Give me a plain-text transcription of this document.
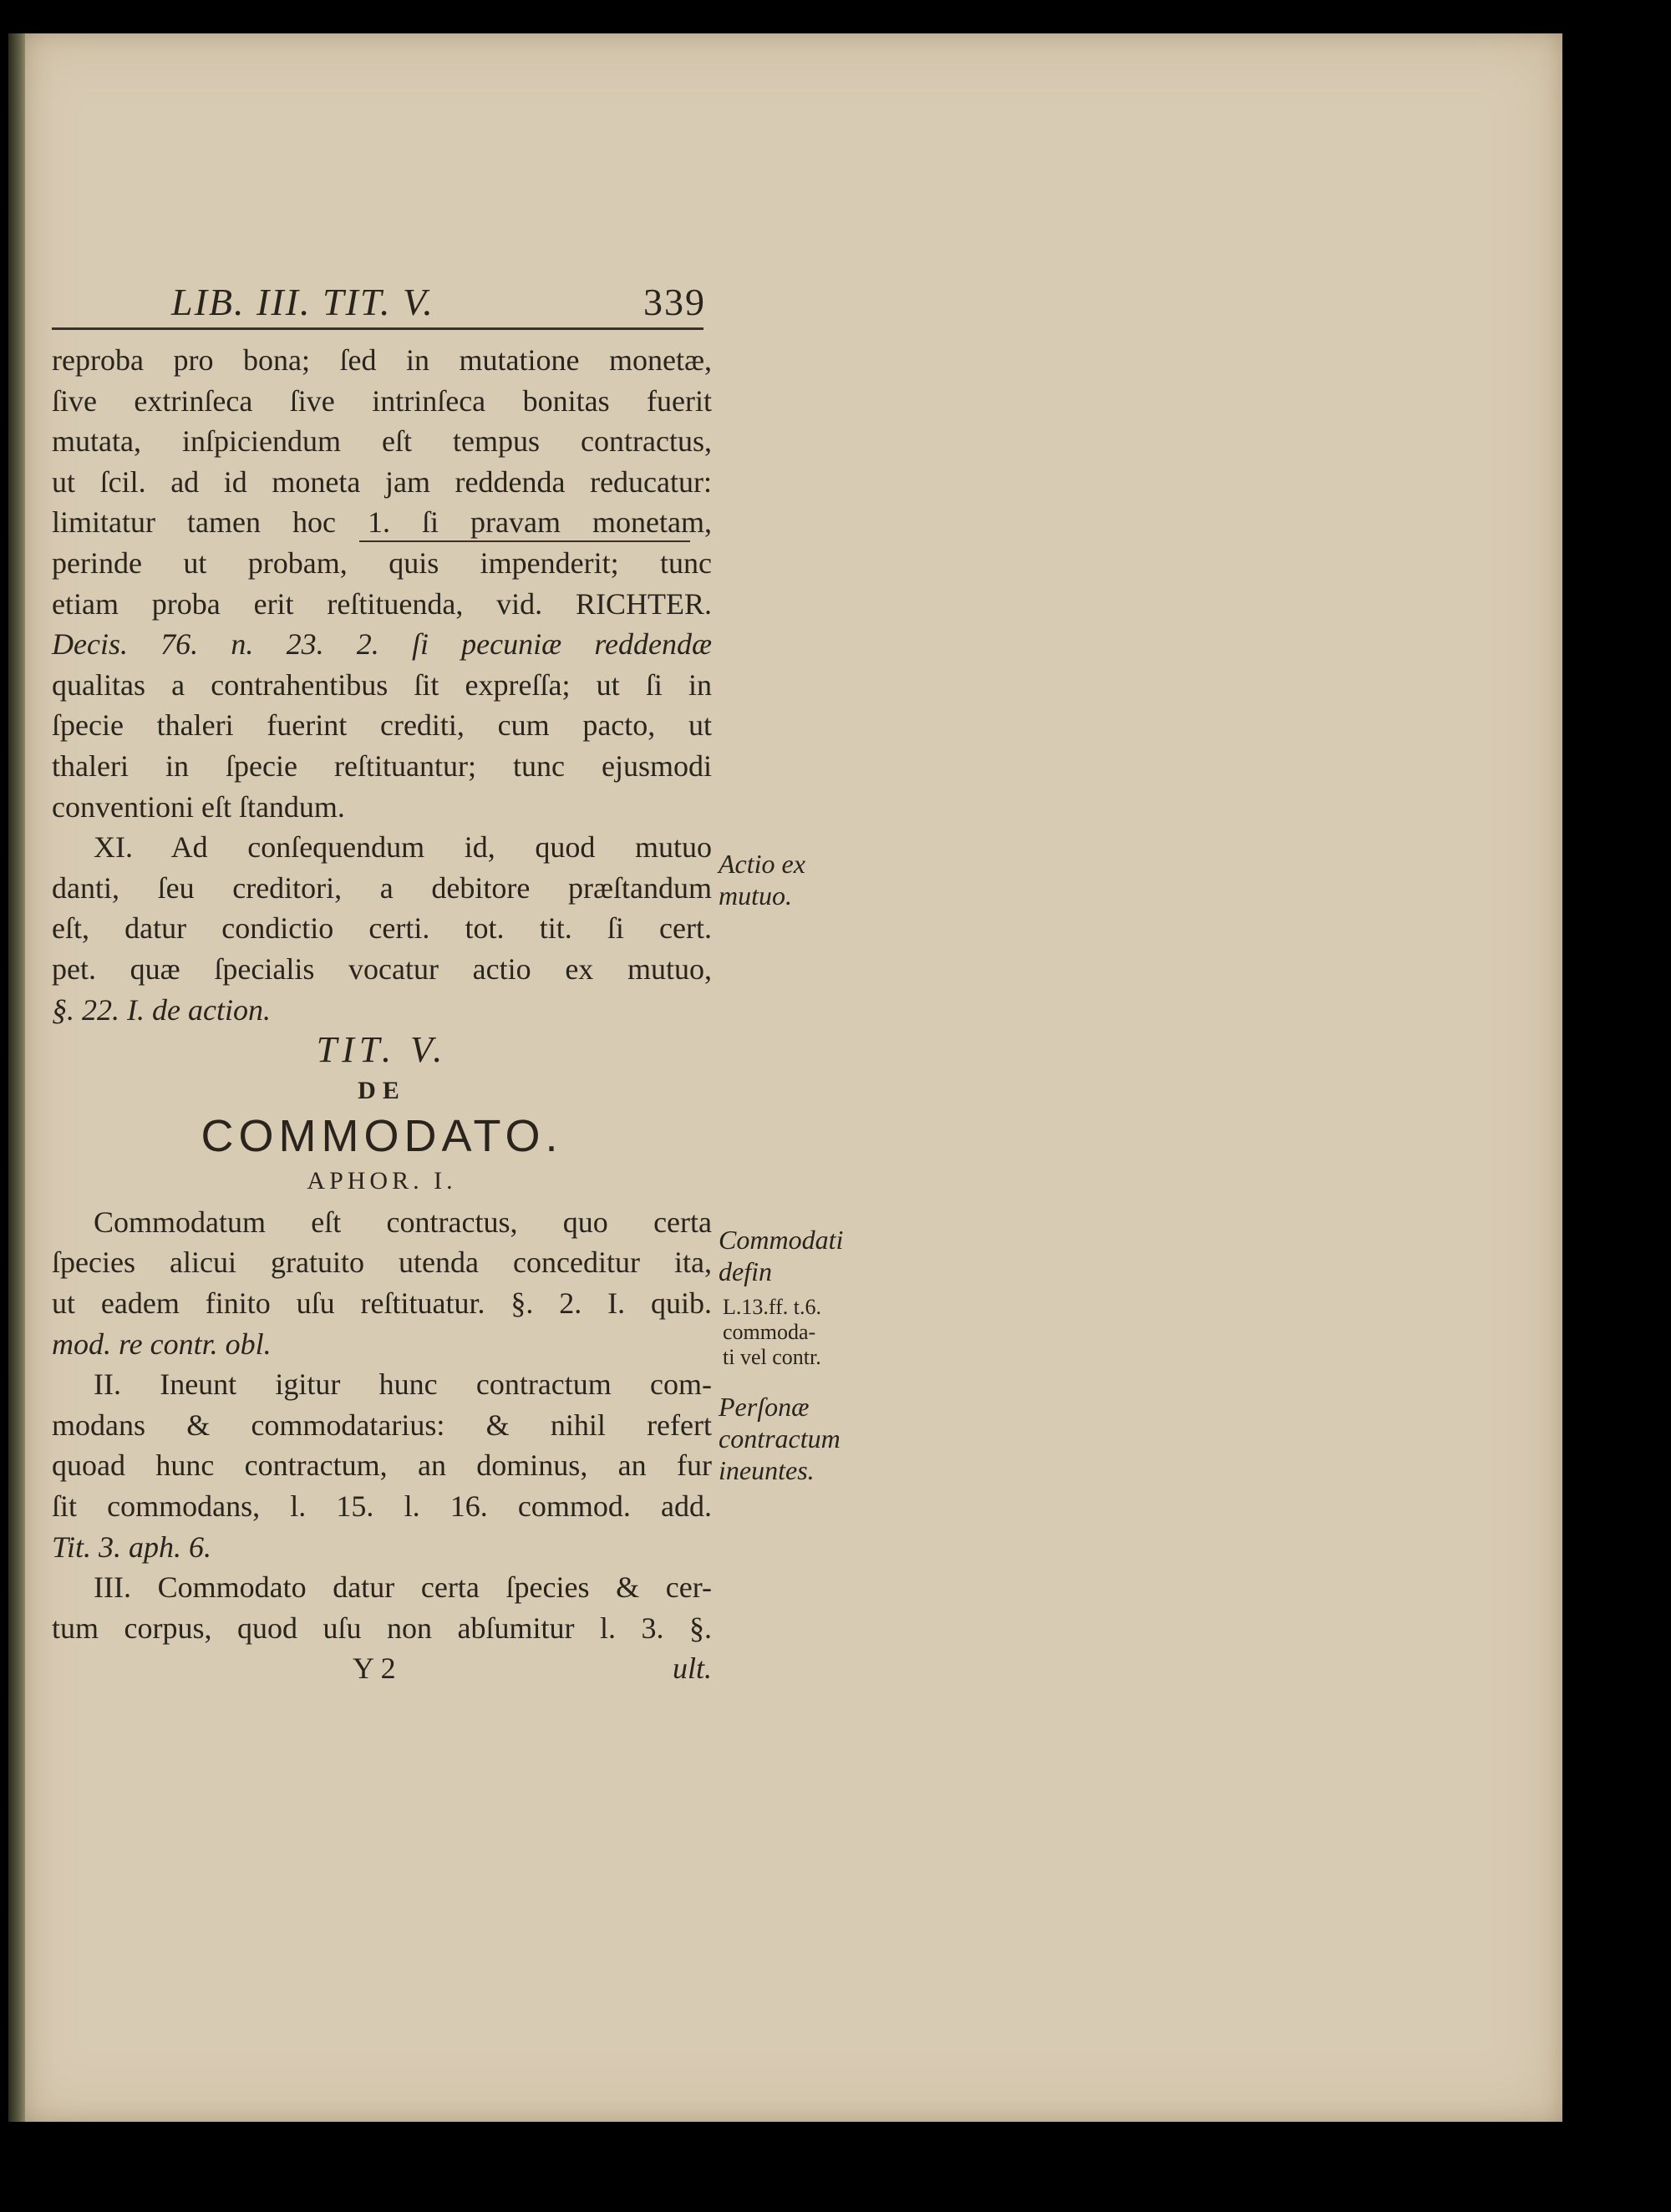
LIB. III. TIT. V.	339
reproba pro bona; ſed in mutatione monetæ,
ſive extrinſeca ſive intrinſeca bonitas fuerit
mutata, inſpiciendum eſt tempus contractus,
ut ſcil. ad id moneta jam reddenda reducatur:
limitatur tamen hoc 1. ſi pravam monetam,
perinde ut probam, quis impenderit; tunc
etiam proba erit reſtituenda, vid. RICHTER.
Decis. 76. n. 23. 2. ſi pecuniæ reddendæ
qualitas a contrahentibus ſit expreſſa; ut ſi in
ſpecie thaleri fuerint crediti, cum pacto, ut
thaleri in ſpecie reſtituantur; tunc ejusmodi
conventioni eſt ſtandum.
XI. Ad conſequendum id, quod mutuo
danti, ſeu creditori, a debitore præſtandum
eſt, datur condictio certi. tot. tit. ſi cert.
pet. quæ ſpecialis vocatur actio ex mutuo,
§. 22. I. de action.
TIT. V.
DE
COMMODATO.
APHOR. I.
Commodatum eſt contractus, quo certa
ſpecies alicui gratuito utenda conceditur ita,
ut eadem finito uſu reſtituatur. §. 2. I. quib.
mod. re contr. obl.
II. Ineunt igitur hunc contractum com-
modans & commodatarius: & nihil refert
quoad hunc contractum, an dominus, an fur
ſit commodans, l. 15. l. 16. commod. add.
Tit. 3. aph. 6.
III. Commodato datur certa ſpecies & cer-
tum corpus, quod uſu non abſumitur l. 3. §.
Y 2	ult.
Actio ex
mutuo.
Commodati
defin
L.13.ff. t.6.
commoda-
ti vel contr.
Perſonæ
contractum
ineuntes.
